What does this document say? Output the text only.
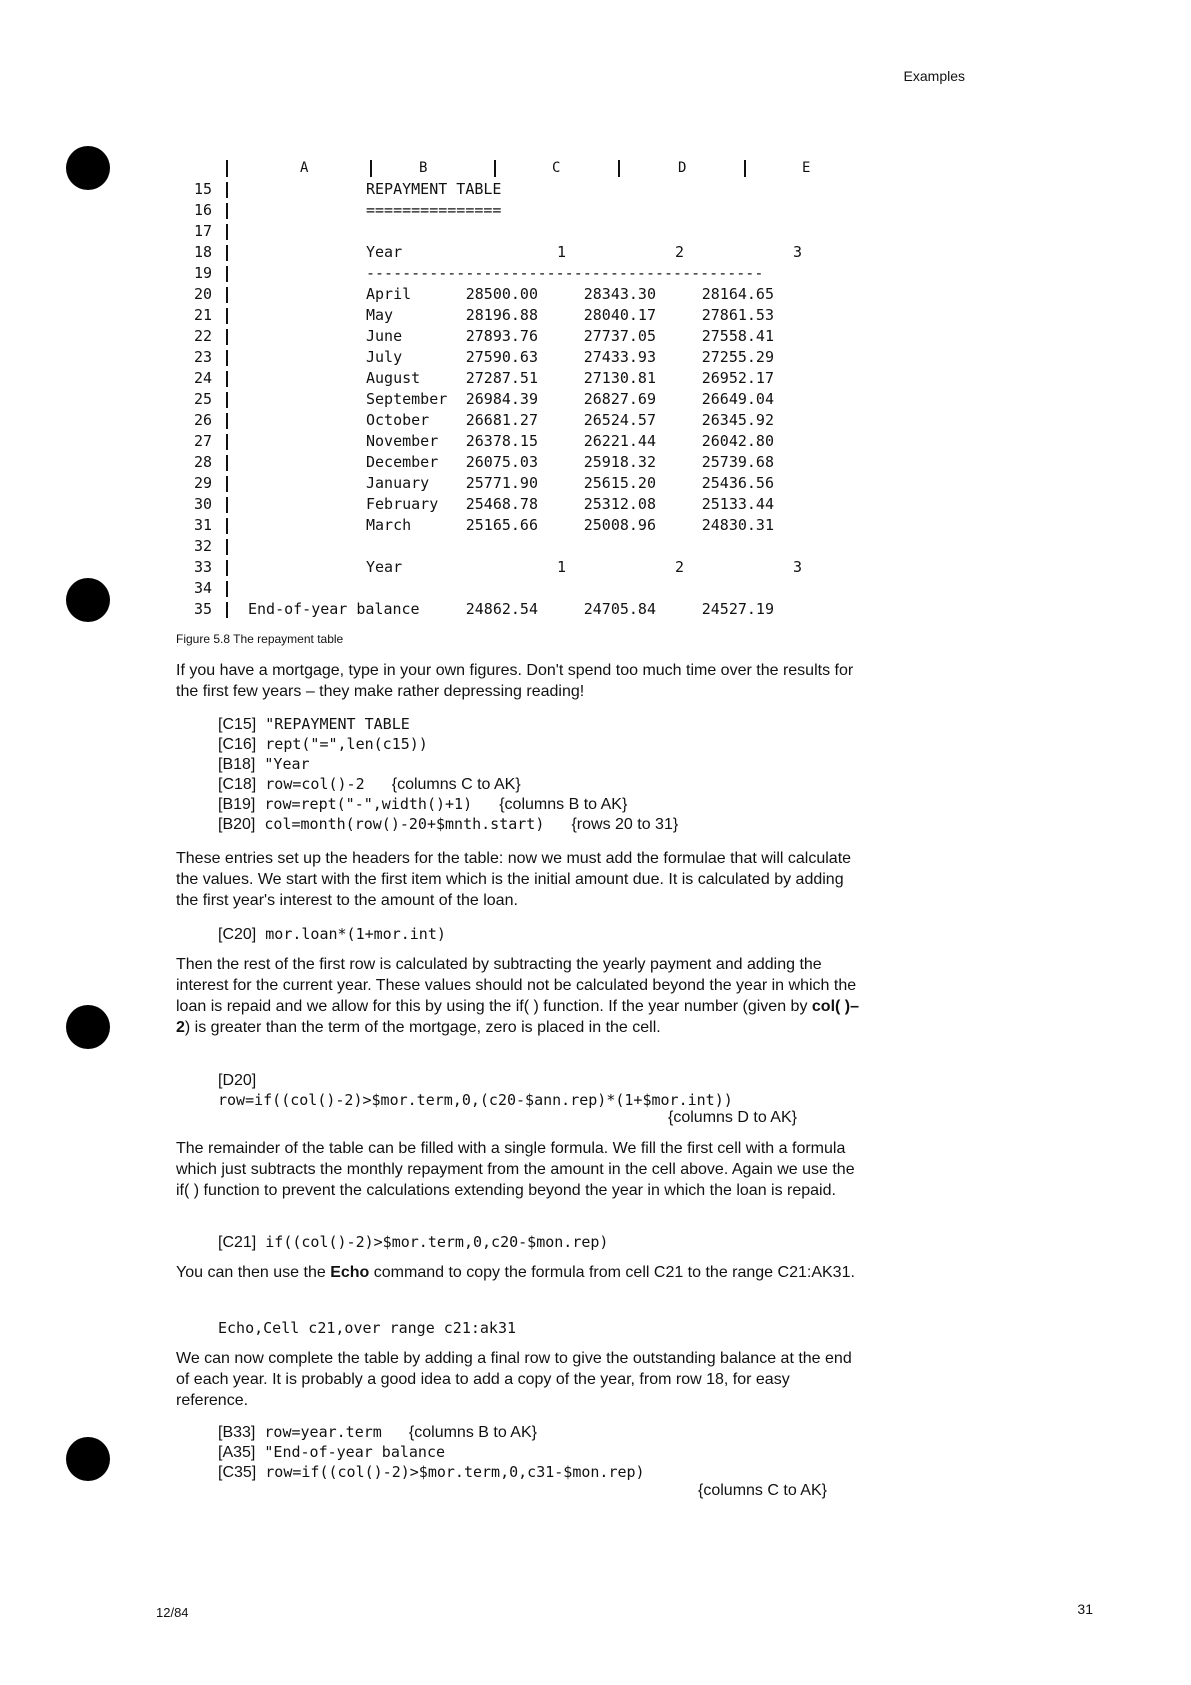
Examples
A	B	C	D	E
15	REPAYMENT TABLE
16	===============
17
18	Year	1	2	3
19	--------------------------------------------
20	April	28500.00	28343.30	28164.65
21	May	28196.88	28040.17	27861.53
22	June	27893.76	27737.05	27558.41
23	July	27590.63	27433.93	27255.29
24	August	27287.51	27130.81	26952.17
25	September	26984.39	26827.69	26649.04
26	October	26681.27	26524.57	26345.92
27	November	26378.15	26221.44	26042.80
28	December	26075.03	25918.32	25739.68
29	January	25771.90	25615.20	25436.56
30	February	25468.78	25312.08	25133.44
31	March	25165.66	25008.96	24830.31
32
33	Year	1	2	3
34
35 End-of-year balance	24862.54	24705.84	24527.19
Figure 5.8 The repayment table

If you have a mortgage, type in your own figures. Don't spend too much time over the results for the first few years – they make rather depressing reading!

[C15] "REPAYMENT TABLE
[C16] rept("=",len(c15))
[B18] "Year
[C18] row=col()-2   {columns C to AK}
[B19] row=rept("-",width()+1)   {columns B to AK}
[B20] col=month(row()-20+$mnth.start)   {rows 20 to 31}

These entries set up the headers for the table: now we must add the formulae that will calculate the values. We start with the first item which is the initial amount due. It is calculated by adding the first year's interest to the amount of the loan.

[C20] mor.loan*(1+mor.int)

Then the rest of the first row is calculated by subtracting the yearly payment and adding the interest for the current year. These values should not be calculated beyond the year in which the loan is repaid and we allow for this by using the if( ) function. If the year number (given by col( )–2) is greater than the term of the mortgage, zero is placed in the cell.

[D20]
row=if((col()-2)>$mor.term,0,(c20-$ann.rep)*(1+$mor.int))
{columns D to AK}

The remainder of the table can be filled with a single formula. We fill the first cell with a formula which just subtracts the monthly repayment from the amount in the cell above. Again we use the if( ) function to prevent the calculations extending beyond the year in which the loan is repaid.

[C21] if((col()-2)>$mor.term,0,c20-$mon.rep)

You can then use the Echo command to copy the formula from cell C21 to the range C21:AK31.

Echo,Cell c21,over range c21:ak31

We can now complete the table by adding a final row to give the outstanding balance at the end of each year. It is probably a good idea to add a copy of the year, from row 18, for easy reference.

[B33] row=year.term   {columns B to AK}
[A35] "End-of-year balance
[C35] row=if((col()-2)>$mor.term,0,c31-$mon.rep)
{columns C to AK}
12/84	31
